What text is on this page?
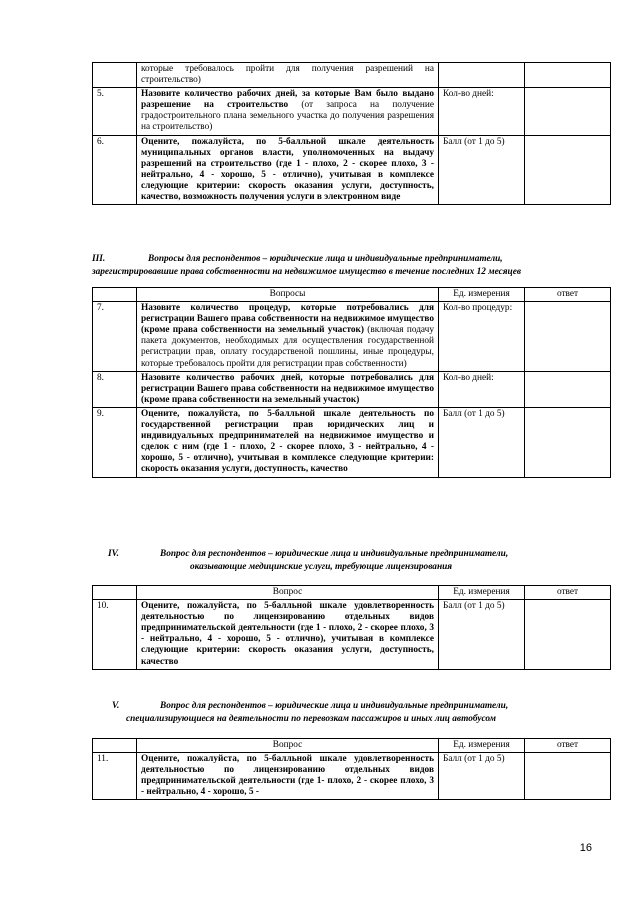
	которые требовалось пройти для получения разрешений на строительство)		
5.	Назовите количество рабочих дней, за которые Вам было выдано разрешение на строительство (от запроса на получение градостроительного плана земельного участка до получения разрешения на строительство)	Кол-во дней:	
6.	Оцените, пожалуйста, по 5-балльной шкале деятельность муниципальных органов власти, уполномоченных на выдачу разрешений на строительство (где 1 - плохо, 2 - скорее плохо, 3 - нейтрально, 4 - хорошо, 5 - отлично), учитывая в комплексе следующие критерии: скорость оказания услуги, доступность, качество, возможность получения услуги в электронном виде	Балл (от 1 до 5)	
III.	Вопросы для респондентов – юридические лица и индивидуальные предприниматели,
зарегистрировавшие права собственности на недвижимое имущество в течение последних 12 месяцев
	Вопросы	Ед. измерения	ответ
7.	Назовите количество процедур, которые потребовались для регистрации Вашего права собственности на недвижимое имущество (кроме права собственности на земельный участок) (включая подачу пакета документов, необходимых для осуществления государственной регистрации прав, оплату государственой пошлины, иные процедуры, которые требовалось пройти для регистрации прав собственности)	Кол-во процедур:	
8.	Назовите количество рабочих дней, которые потребовались для регистрации Вашего права собственности на недвижимое имущество (кроме права собственности на земельный участок)	Кол-во дней:	
9.	Оцените, пожалуйста, по 5-балльной шкале деятельность по государственной регистрации прав юридических лиц и индивидуальных предпринимателей на недвижимое имущество и сделок с ним (где 1 - плохо, 2 - скорее плохо, 3 - нейтрально, 4 - хорошо, 5 - отлично), учитывая в комплексе следующие критерии: скорость оказания услуги, доступность, качество	Балл (от 1 до 5)	
IV.	Вопрос для респондентов – юридические лица и индивидуальные предприниматели,
оказывающие медицинские услуги, требующие лицензирования
	Вопрос	Ед. измерения	ответ
10.	Оцените, пожалуйста, по 5-балльной шкале удовлетворенность деятельностью по лицензированию отдельных видов предпринимательской деятельности (где 1 - плохо, 2 - скорее плохо, 3 - нейтрально, 4 - хорошо, 5 - отлично), учитывая в комплексе следующие критерии: скорость оказания услуги, доступность, качество	Балл (от 1 до 5)	
V.	Вопрос для респондентов – юридические лица и индивидуальные предприниматели,
специализирующиеся на деятельности по перевозкам пассажиров и иных лиц автобусом
	Вопрос	Ед. измерения	ответ
11.	Оцените, пожалуйста, по 5-балльной шкале удовлетворенность деятельностью по лицензированию отдельных видов предпринимательской деятельности (где 1- плохо, 2 - скорее плохо, 3 - нейтрально, 4 - хорошо, 5 -	Балл (от 1 до 5)	
16
